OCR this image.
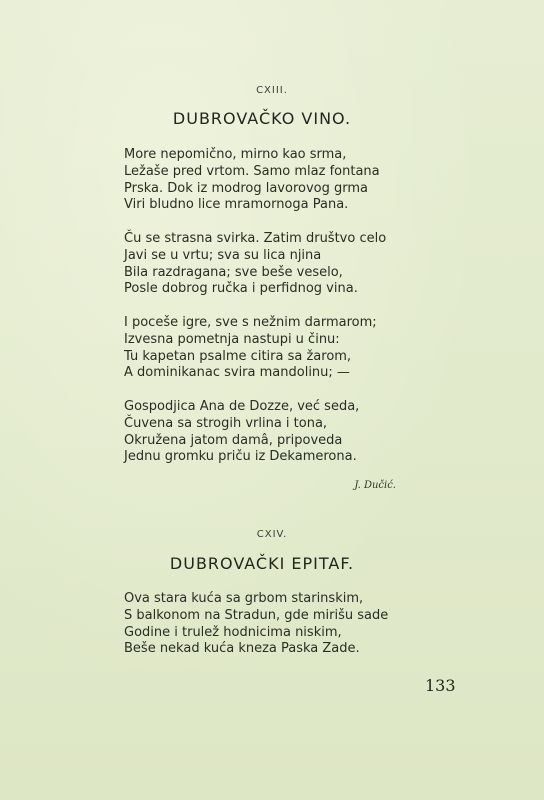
CXIII.
DUBROVAČKO VINO.
More nepomično, mirno kao srma,
Ležaše pred vrtom. Samo mlaz fontana
Prska. Dok iz modrog lavorovog grma
Viri bludno lice mramornoga Pana.
Ču se strasna svirka. Zatim društvo celo
Javi se u vrtu; sva su lica njina
Bila razdragana; sve beše veselo,
Posle dobrog ručka i perfidnog vina.
I poceše igre, sve s nežnim darmarom;
Izvesna pometnja nastupi u činu:
Tu kapetan psalme citira sa žarom,
A dominikanac svira mandolinu; —
Gospodjica Ana de Dozze, već seda,
Čuvena sa strogih vrlina i tona,
Okružena jatom damâ, pripoveda
Jednu gromku priču iz Dekamerona.
J. Dučić.
CXIV.
DUBROVAČKI EPITAF.
Ova stara kuća sa grbom starinskim,
S balkonom na Stradun, gde mirišu sade
Godine i trulež hodnicima niskim,
Beše nekad kuća kneza Paska Zade.
133
